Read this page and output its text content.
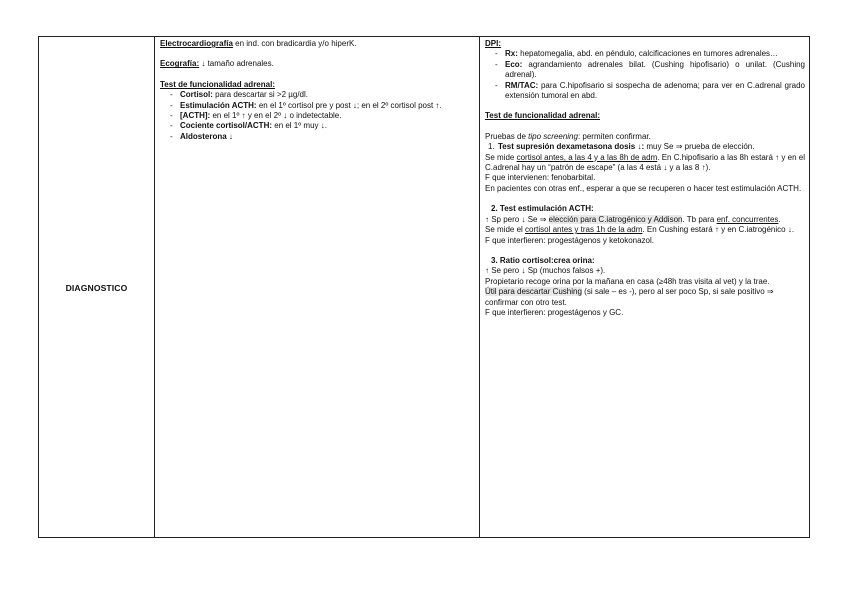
DIAGNOSTICO	
Electrocardiografía en ind. con bradicardia y/o hiperK.
Ecografía: ↓ tamaño adrenales.
Test de funcionalidad adrenal:
- Cortisol: para descartar si >2 µg/dl.
- Estimulación ACTH: en el 1º cortisol pre y post ↓; en el 2º cortisol post ↑.
- [ACTH]: en el 1º ↑ y en el 2º ↓ o indetectable.
- Cociente cortisol/ACTH: en el 1º muy ↓.
- Aldosterona ↓

DPI:
- Rx: hepatomegalia, abd. en péndulo, calcificaciones en tumores adrenales…
- Eco: agrandamiento adrenales bilat. (Cushing hipofisario) o unilat. (Cushing adrenal).
- RM/TAC: para C.hipofisario si sospecha de adenoma; para ver en C.adrenal grado extensión tumoral en abd.
Test de funcionalidad adrenal:
Pruebas de tipo screening: permiten confirmar.
1. Test supresión dexametasona dosis ↓: muy Se ⇒ prueba de elección.
Se mide cortisol antes, a las 4 y a las 8h de adm. En C.hipofisario a las 8h estará ↑ y en el C.adrenal hay un “patrón de escape” (a las 4 está ↓ y a las 8 ↑).
F que intervienen: fenobarbital.
En pacientes con otras enf., esperar a que se recuperen o hacer test estimulación ACTH.
2. Test estimulación ACTH:
↑ Sp pero ↓ Se ⇒ elección para C.iatrogénico y Addison. Tb para enf. concurrentes.
Se mide el cortisol antes y tras 1h de la adm. En Cushing estará ↑ y en C.iatrogénico ↓.
F que interfieren: progestágenos y ketokonazol.
3. Ratio cortisol:crea orina:
↑ Se pero ↓ Sp (muchos falsos +).
Propietario recoge orina por la mañana en casa (≥48h tras visita al vet) y la trae.
Útil para descartar Cushing (si sale – es -), pero al ser poco Sp, si sale positivo ⇒ confirmar con otro test.
F que interfieren: progestágenos y GC.
